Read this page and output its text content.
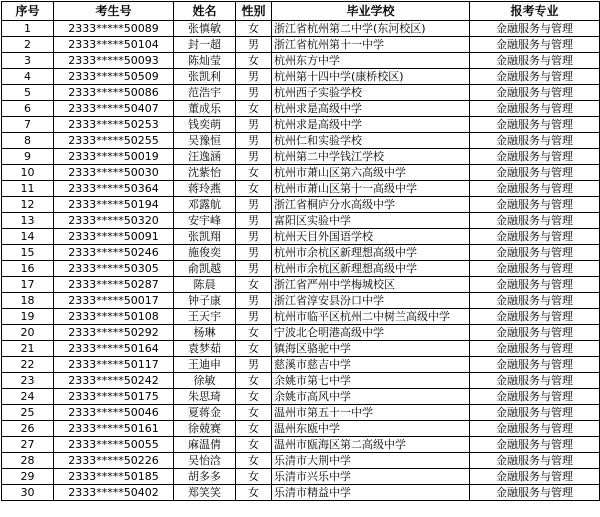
序号	考生号	姓名	性别	毕业学校	报考专业
1	2333*****50089	张慎敏	女	浙江省杭州第二中学(东河校区)	金融服务与管理
2	2333*****50104	封一超	男	浙江省杭州第十一中学	金融服务与管理
3	2333*****50093	陈灿莹	女	杭州东方中学	金融服务与管理
4	2333*****50509	张凯利	男	杭州第十四中学(康桥校区)	金融服务与管理
5	2333*****50086	范浩宇	男	杭州西子实验学校	金融服务与管理
6	2333*****50407	董成乐	女	杭州求是高级中学	金融服务与管理
7	2333*****50253	钱奕萌	男	杭州求是高级中学	金融服务与管理
8	2333*****50255	吴豫恒	男	杭州仁和实验学校	金融服务与管理
9	2333*****50019	汪逸涵	男	杭州第二中学钱江学校	金融服务与管理
10	2333*****50030	沈紫怡	女	杭州市萧山区第六高级中学	金融服务与管理
11	2333*****50364	蒋玲燕	女	杭州市萧山区第十一高级中学	金融服务与管理
12	2333*****50194	邓露航	男	浙江省桐庐分水高级中学	金融服务与管理
13	2333*****50320	安宇峰	男	富阳区实验中学	金融服务与管理
14	2333*****50091	张凯翔	男	杭州天目外国语学校	金融服务与管理
15	2333*****50246	施俊奕	男	杭州市余杭区新理想高级中学	金融服务与管理
16	2333*****50305	俞凯越	男	杭州市余杭区新理想高级中学	金融服务与管理
17	2333*****50287	陈晨	女	浙江省严州中学梅城校区	金融服务与管理
18	2333*****50017	钟子康	男	浙江省淳安县汾口中学	金融服务与管理
19	2333*****50108	王天宇	男	杭州市临平区杭州二中树兰高级中学	金融服务与管理
20	2333*****50292	杨琳	女	宁波北仑明港高级中学	金融服务与管理
21	2333*****50164	袁梦茹	女	镇海区骆驼中学	金融服务与管理
22	2333*****50117	王迪申	男	慈溪市慈吉中学	金融服务与管理
23	2333*****50242	徐敏	女	余姚市第七中学	金融服务与管理
24	2333*****50175	朱思琦	女	余姚市高风中学	金融服务与管理
25	2333*****50046	夏蒋金	女	温州市第五十一中学	金融服务与管理
26	2333*****50161	徐兢赛	女	温州东瓯中学	金融服务与管理
27	2333*****50055	麻温倩	女	温州市瓯海区第二高级中学	金融服务与管理
28	2333*****50226	吴怡浛	女	乐清市大荆中学	金融服务与管理
29	2333*****50185	胡多多	女	乐清市兴乐中学	金融服务与管理
30	2333*****50402	郑笑笑	女	乐清市精益中学	金融服务与管理
